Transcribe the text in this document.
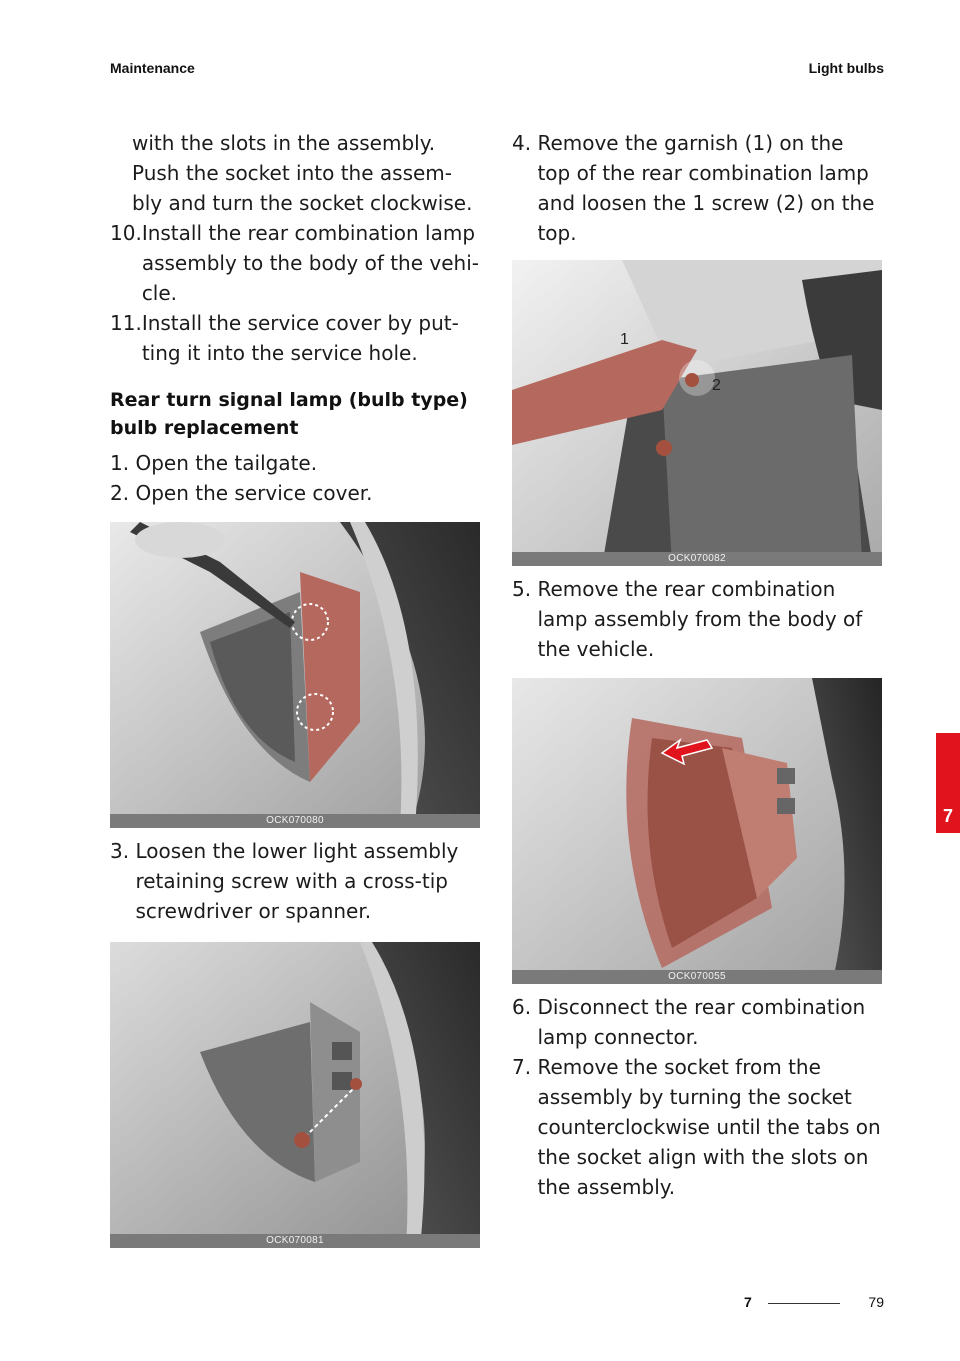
Maintenance	Light bulbs

with the slots in the assembly. Push the socket into the assem-bly and turn the socket clockwise.

10. Install the rear combination lamp assembly to the body of the vehi-cle.
11. Install the service cover by put-ting it into the service hole.
Rear turn signal lamp (bulb type) bulb replacement
1. Open the tailgate.
2. Open the service cover.
OCK070080
3. Loosen the lower light assembly retaining screw with a cross-tip screwdriver or spanner.
OCK070081
4. Remove the garnish (1) on the top of the rear combination lamp and loosen the 1 screw (2) on the top.
1
2
OCK070082
5. Remove the rear combination lamp assembly from the body of the vehicle.
OCK070055
6. Disconnect the rear combination lamp connector.
7. Remove the socket from the assembly by turning the socket counterclockwise until the tabs on the socket align with the slots on the assembly.
7
7	79
